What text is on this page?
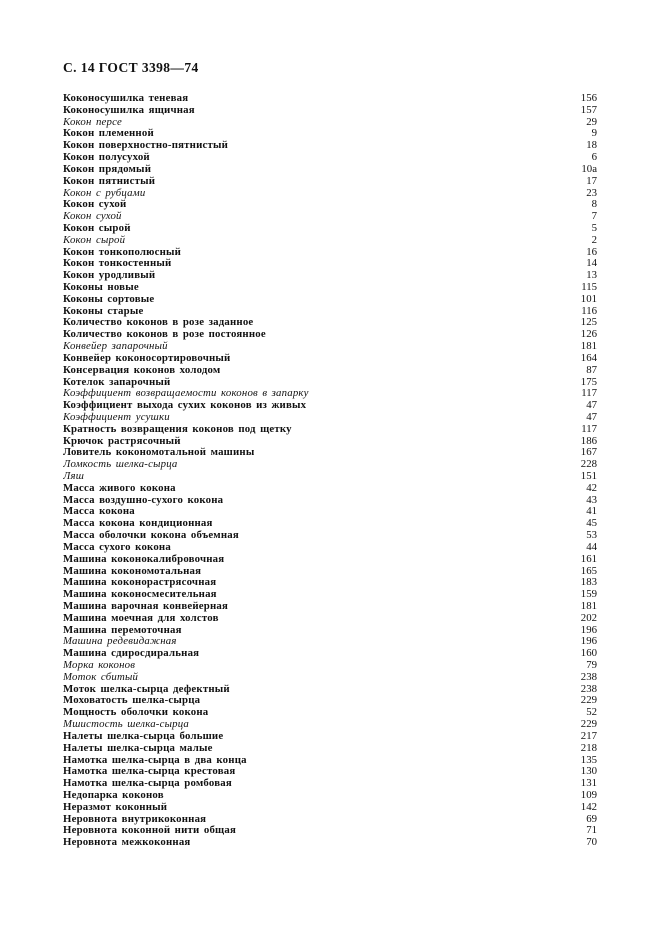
С. 14 ГОСТ 3398—74
Коконосушилка теневая	156
Коконосушилка ящичная	157
Кокон персе	29
Кокон племенной	9
Кокон поверхностно-пятнистый	18
Кокон полусухой	6
Кокон прядомый	10а
Кокон пятнистый	17
Кокон с рубцами	23
Кокон сухой	8
Кокон сухой	7
Кокон сырой	5
Кокон сырой	2
Кокон тонкополюсный	16
Кокон тонкостенный	14
Кокон уродливый	13
Коконы новые	115
Коконы сортовые	101
Коконы старые	116
Количество коконов в розе заданное	125
Количество коконов в розе постоянное	126
Конвейер запарочный	181
Конвейер коконосортировочный	164
Консервация коконов холодом	87
Котелок запарочный	175
Коэффициент возвращаемости коконов в запарку	117
Коэффициент выхода сухих коконов из живых	47
Коэффициент усушки	47
Кратность возвращения коконов под щетку	117
Крючок растрясочный	186
Ловитель кокономотальной машины	167
Ломкость шелка-сырца	228
Ляш	151
Масса живого кокона	42
Масса воздушно-сухого кокона	43
Масса кокона	41
Масса кокона кондиционная	45
Масса оболочки кокона объемная	53
Масса сухого кокона	44
Машина коконокалибровочная	161
Машина кокономотальная	165
Машина коконорастрясочная	183
Машина коконосмесительная	159
Машина варочная конвейерная	181
Машина моечная для холстов	202
Машина перемоточная	196
Машина редевидажная	196
Машина сдиросдиральная	160
Морка коконов	79
Моток сбитый	238
Моток шелка-сырца дефектный	238
Моховатость шелка-сырца	229
Мощность оболочки кокона	52
Мшистость шелка-сырца	229
Налеты шелка-сырца большие	217
Налеты шелка-сырца малые	218
Намотка шелка-сырца в два конца	135
Намотка шелка-сырца крестовая	130
Намотка шелка-сырца ромбовая	131
Недопарка коконов	109
Неразмот коконный	142
Неровнота внутрикоконная	69
Неровнота коконной нити общая	71
Неровнота межкоконная	70
